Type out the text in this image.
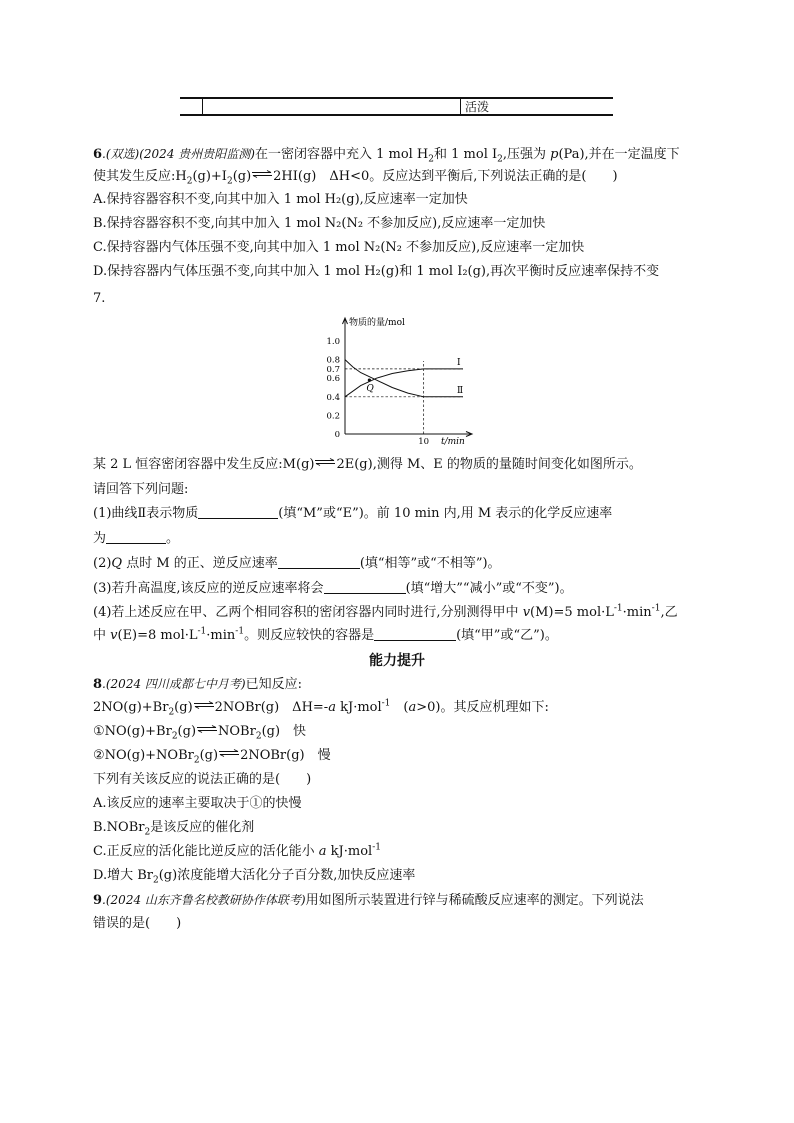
活泼
6.(双选)(2024 贵州贵阳监测)在一密闭容器中充入 1 mol $H_2$和 1 mol $I_2$,压强为 p(Pa),并在一定温度下
使其发生反应$:H_2(g)+I_2(g)\rightleftharpoons 2HI(g)$　ΔH<0。反应达到平衡后,下列说法正确的是(　　)
A.保持容器容积不变,向其中加入 1 mol H₂(g),反应速率一定加快
B.保持容器容积不变,向其中加入 1 mol N₂(N₂ 不参加反应),反应速率一定加快
C.保持容器内气体压强不变,向其中加入 1 mol N₂(N₂ 不参加反应),反应速率一定加快
D.保持容器内气体压强不变,向其中加入 1 mol H₂(g)和 1 mol I₂(g),再次平衡时反应速率保持不变
7.
物质的量/mol
t/min
1.0
0.8
0.7
0.6
0.4
0.2
0
10
Ⅰ
Ⅱ
Q
某 2 L 恒容密闭容器中发生反应:M(g)⇌2E(g),测得 M、E 的物质的量随时间变化如图所示。
请回答下列问题:
(1)曲线Ⅱ表示物质	(填“M”或“E”)。前 10 min 内,用 M 表示的化学反应速率
为	。
(2)Q 点时 M 的正、逆反应速率	(填“相等”或“不相等”)。
(3)若升高温度,该反应的逆反应速率将会	(填“增大”“减小”或“不变”)。
(4)若上述反应在甲、乙两个相同容积的密闭容器内同时进行,分别测得甲中 v(M)=5 $mol\cdot L^{-1}\cdot\min^{-1}$,乙
中 v(E)=8 $mol\cdot L^{-1}\cdot\min^{-1}$。则反应较快的容器是	(填“甲”或“乙”)。
能力提升
8.(2024 四川成都七中月考)已知反应:
$2NO(g)+Br_2(g)\rightleftharpoons 2NOBr(g)$　ΔH=-a kJ·mol$^{-1}$　(a>0)。其反应机理如下:
$①NO(g)+Br_2(g)\rightleftharpoons NOBr_2(g)$　快
②NO(g)+NOBr$_2$(g)⇌2NOBr(g)　慢
下列有关该反应的说法正确的是(　　)
A.该反应的速率主要取决于①的快慢
B.NOBr$_2$是该反应的催化剂
C.正反应的活化能比逆反应的活化能小 a kJ·mol$^{-1}$
D.增大 $Br_2(g)$浓度能增大活化分子百分数,加快反应速率
9.(2024 山东齐鲁名校教研协作体联考)用如图所示装置进行锌与稀硫酸反应速率的测定。下列说法
错误的是(　　)
